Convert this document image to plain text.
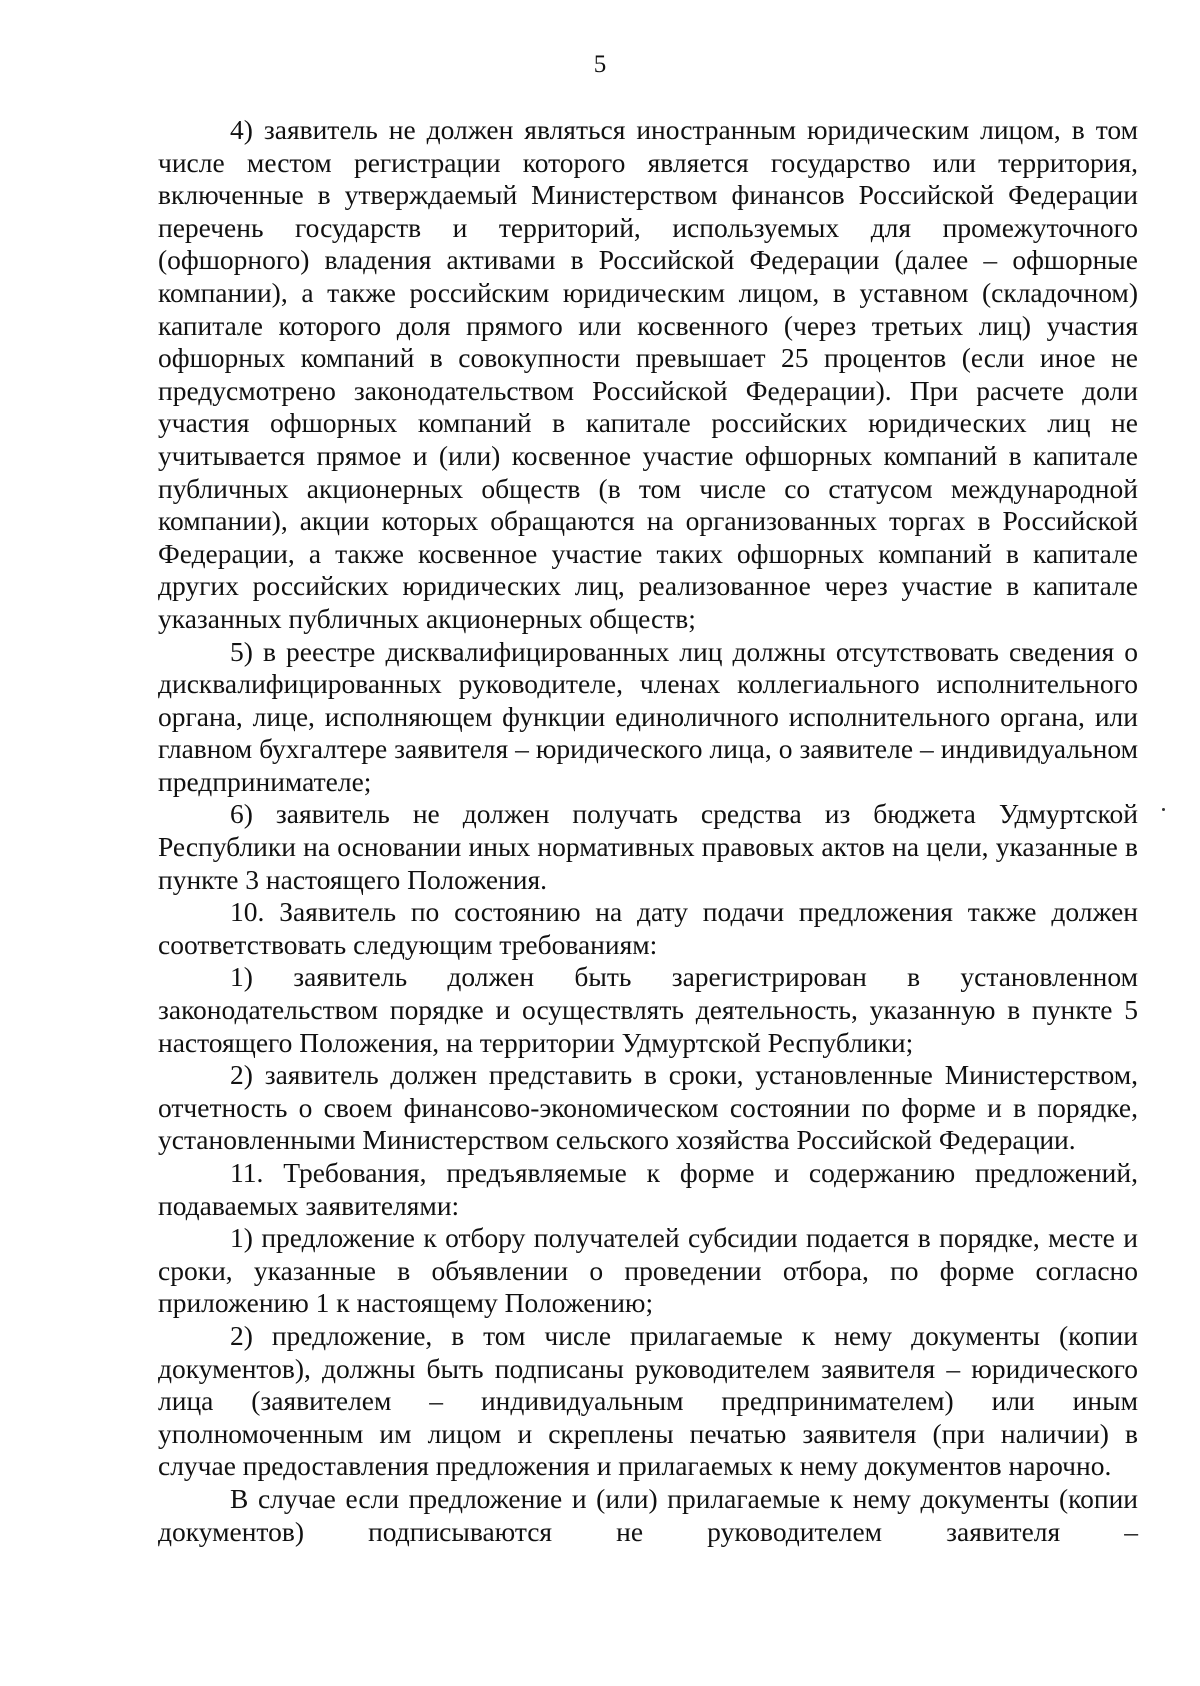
5

4) заявитель не должен являться иностранным юридическим лицом, в том числе местом регистрации которого является государство или территория, включенные в утверждаемый Министерством финансов Российской Федерации перечень государств и территорий, используемых для промежуточного (офшорного) владения активами в Российской Федерации (далее – офшорные компании), а также российским юридическим лицом, в уставном (складочном) капитале которого доля прямого или косвенного (через третьих лиц) участия офшорных компаний в совокупности превышает 25 процентов (если иное не предусмотрено законодательством Российской Федерации). При расчете доли участия офшорных компаний в капитале российских юридических лиц не учитывается прямое и (или) косвенное участие офшорных компаний в капитале публичных акционерных обществ (в том числе со статусом международной компании), акции которых обращаются на организованных торгах в Российской Федерации, а также косвенное участие таких офшорных компаний в капитале других российских юридических лиц, реализованное через участие в капитале указанных публичных акционерных обществ;

5) в реестре дисквалифицированных лиц должны отсутствовать сведения о дисквалифицированных руководителе, членах коллегиального исполнительного органа, лице, исполняющем функции единоличного исполнительного органа, или главном бухгалтере заявителя – юридического лица, о заявителе – индивидуальном предпринимателе;

6) заявитель не должен получать средства из бюджета Удмуртской Республики на основании иных нормативных правовых актов на цели, указанные в пункте 3 настоящего Положения.

10. Заявитель по состоянию на дату подачи предложения также должен соответствовать следующим требованиям:

1) заявитель должен быть зарегистрирован в установленном законодательством порядке и осуществлять деятельность, указанную в пункте 5 настоящего Положения, на территории Удмуртской Республики;

2) заявитель должен представить в сроки, установленные Министерством, отчетность о своем финансово-экономическом состоянии по форме и в порядке, установленными Министерством сельского хозяйства Российской Федерации.

11. Требования, предъявляемые к форме и содержанию предложений, подаваемых заявителями:

1) предложение к отбору получателей субсидии подается в порядке, месте и сроки, указанные в объявлении о проведении отбора, по форме согласно приложению 1 к настоящему Положению;

2) предложение, в том числе прилагаемые к нему документы (копии документов), должны быть подписаны руководителем заявителя – юридического лица (заявителем – индивидуальным предпринимателем) или иным уполномоченным им лицом и скреплены печатью заявителя (при наличии) в случае предоставления предложения и прилагаемых к нему документов нарочно.

В случае если предложение и (или) прилагаемые к нему документы (копии документов) подписываются не руководителем заявителя –
